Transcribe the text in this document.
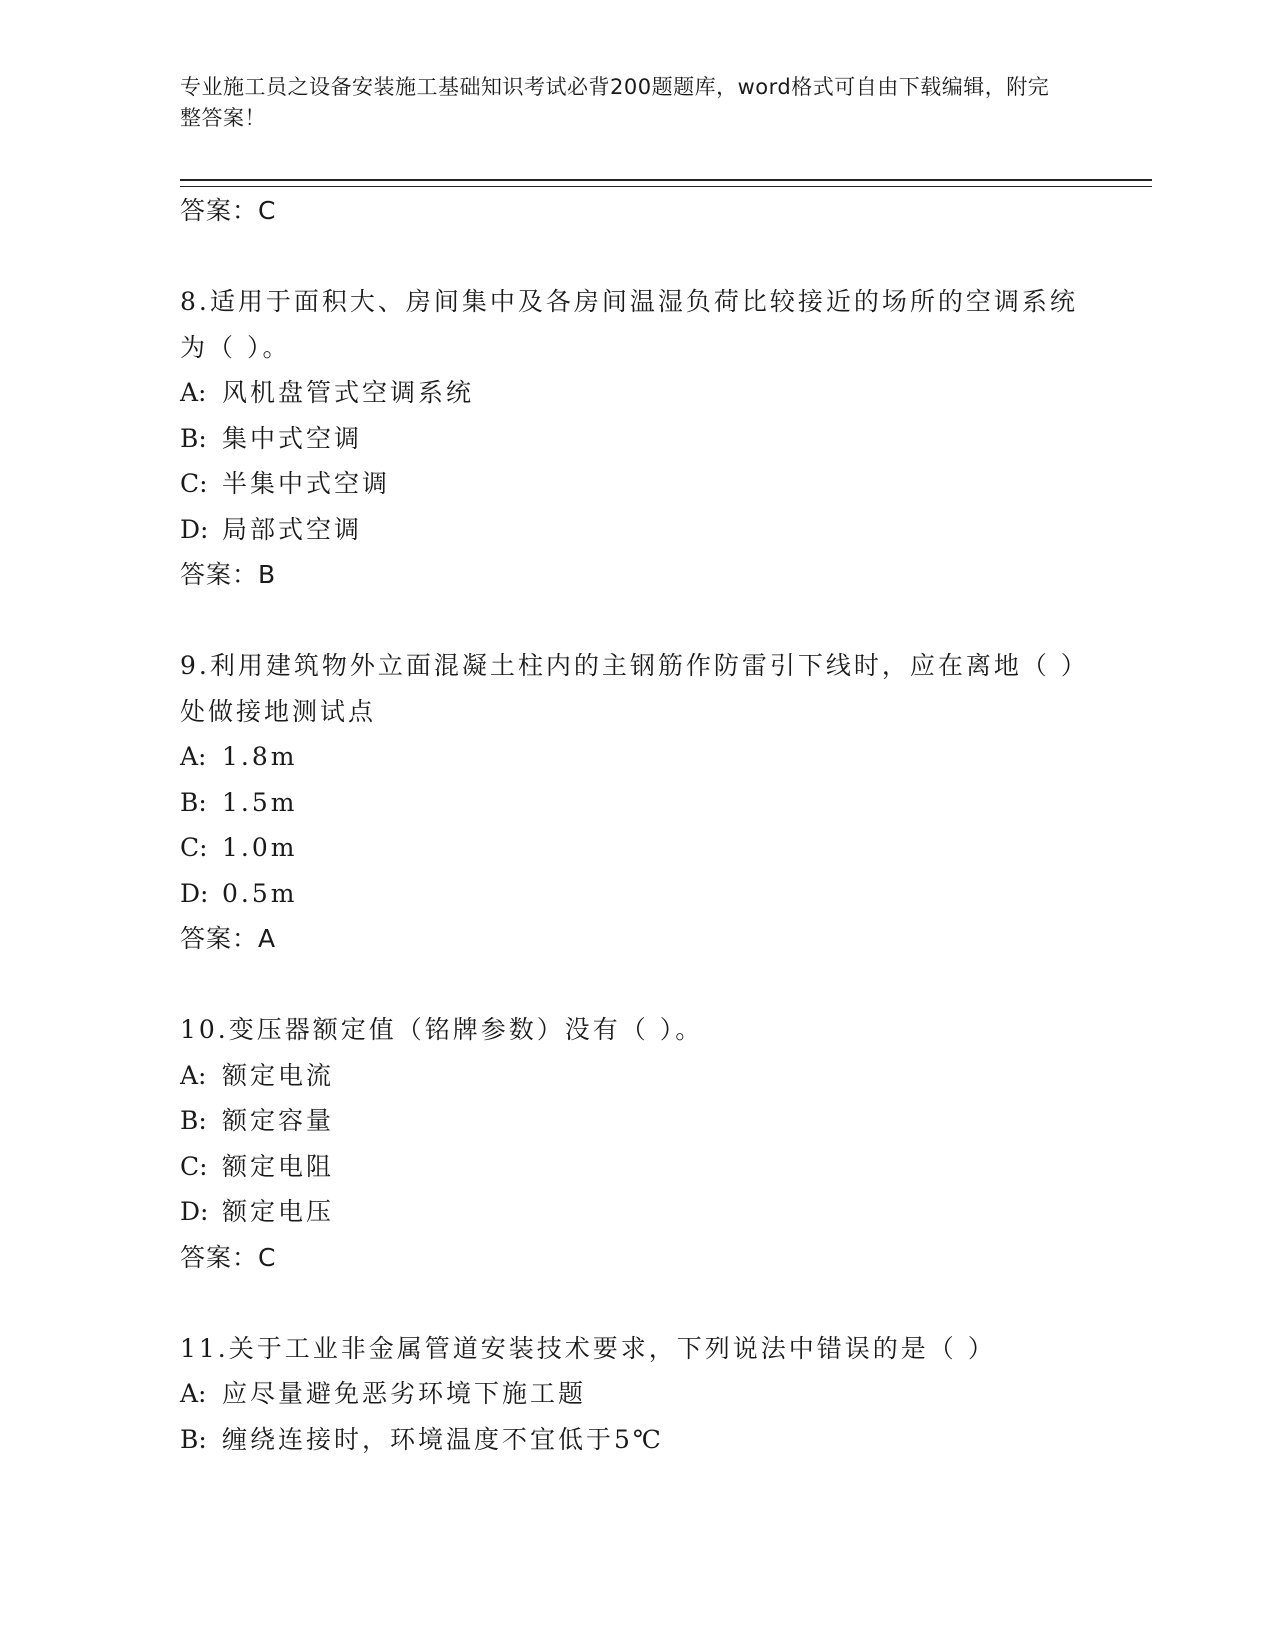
专业施工员之设备安装施工基础知识考试必背200题题库，word格式可自由下载编辑，附完整答案！
答案：C
8.适用于面积大、房间集中及各房间温湿负荷比较接近的场所的空调系统为（ ）。
A: 风机盘管式空调系统
B: 集中式空调
C: 半集中式空调
D: 局部式空调
答案：B
9.利用建筑物外立面混凝土柱内的主钢筋作防雷引下线时，应在离地（ ）处做接地测试点
A: 1.8m
B: 1.5m
C: 1.0m
D: 0.5m
答案：A
10.变压器额定值（铭牌参数）没有（ ）。
A: 额定电流
B: 额定容量
C: 额定电阻
D: 额定电压
答案：C
11.关于工业非金属管道安装技术要求，下列说法中错误的是（ ）
A: 应尽量避免恶劣环境下施工题
B: 缠绕连接时，环境温度不宜低于5℃
